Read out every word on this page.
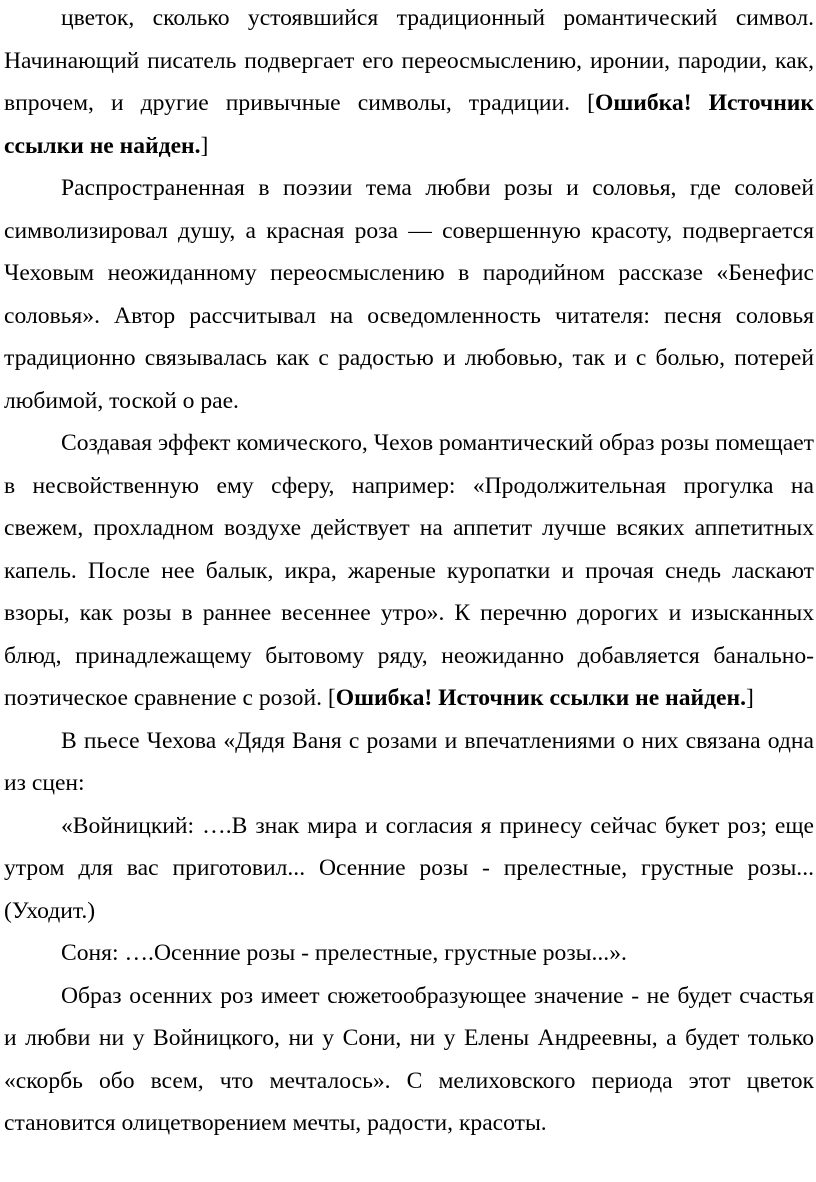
цветок, сколько устоявшийся традиционный романтический символ. Начинающий писатель подвергает его переосмыслению, иронии, пародии, как, впрочем, и другие привычные символы, традиции. [Ошибка! Источник ссылки не найден.]

Распространенная в поэзии тема любви розы и соловья, где соловей символизировал душу, а красная роза — совершенную красоту, подвергается Чеховым неожиданному переосмыслению в пародийном рассказе «Бенефис соловья». Автор рассчитывал на осведомленность читателя: песня соловья традиционно связывалась как с радостью и любовью, так и с болью, потерей любимой, тоской о рае.

Создавая эффект комического, Чехов романтический образ розы помещает в несвойственную ему сферу, например: «Продолжительная прогулка на свежем, прохладном воздухе действует на аппетит лучше всяких аппетитных капель. После нее балык, икра, жареные куропатки и прочая снедь ласкают взоры, как розы в раннее весеннее утро». К перечню дорогих и изысканных блюд, принадлежащему бытовому ряду, неожиданно добавляется банально-поэтическое сравнение с розой. [Ошибка! Источник ссылки не найден.]

В пьесе Чехова «Дядя Ваня с розами и впечатлениями о них связана одна из сцен:

«Войницкий: ….В знак мира и согласия я принесу сейчас букет роз; еще утром для вас приготовил... Осенние розы - прелестные, грустные розы... (Уходит.)

Соня: ….Осенние розы - прелестные, грустные розы...».

Образ осенних роз имеет сюжетообразующее значение - не будет счастья и любви ни у Войницкого, ни у Сони, ни у Елены Андреевны, а будет только «скорбь обо всем, что мечталось». С мелиховского периода этот цветок становится олицетворением мечты, радости, красоты.
